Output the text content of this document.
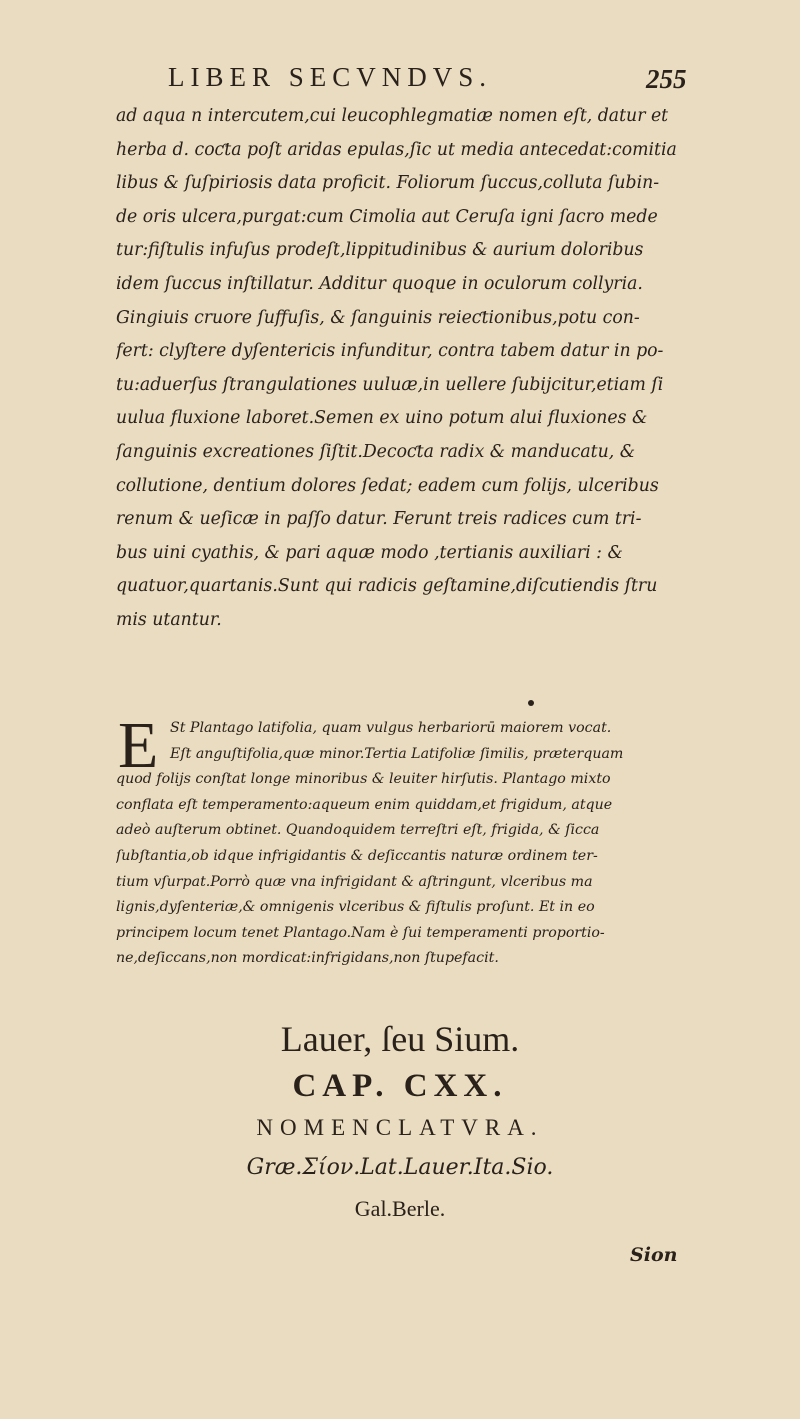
LIBER SECVNDVS.	255
ad aqua n intercutem,cui leucophlegmatiæ nomen eſt, datur et
herba d. coƈta poſt aridas epulas,ſic ut media antecedat:comitia
libus & ſuſpiriosis data proficit. Foliorum ſuccus,colluta ſubin-
de oris ulcera,purgat:cum Cimolia aut Ceruſa igni ſacro mede
tur:fiſtulis infuſus prodeſt,lippitudinibus & aurium doloribus
idem ſuccus inſtillatur. Additur quoque in oculorum collyria.
Gingiuis cruore ſuffuſis, & ſanguinis reieƈtionibus,potu con-
fert: clyſtere dyſentericis infunditur, contra tabem datur in po-
tu:aduerſus ſtrangulationes uuluæ,in uellere ſubijcitur,etiam ſi
uulua fluxione laboret.Semen ex uino potum alui fluxiones &
ſanguinis excreationes ſiſtit.Decoƈta radix & manducatu, &
collutione, dentium dolores ſedat; eadem cum folijs, ulceribus
renum & ueſicæ in paſſo datur. Ferunt treis radices cum tri-
bus uini cyathis, & pari aquæ modo ,tertianis auxiliari : &
quatuor,quartanis.Sunt qui radicis geſtamine,diſcutiendis ſtru
mis utantur.
E St Plantago latifolia, quam vulgus herbariorū maiorem vocat.
Eſt anguſtifolia,quæ minor.Tertia Latifoliæ ſimilis, præterquam
quod folijs conſtat longe minoribus & leuiter hirſutis. Plantago mixto
conflata eſt temperamento:aqueum enim quiddam,et frigidum, atque
adeò auſterum obtinet. Quandoquidem terreſtri eſt, frigida, & ſicca
ſubſtantia,ob idque infrigidantis & deſiccantis naturæ ordinem ter-
tium vſurpat.Porrò quæ vna infrigidant & aſtringunt, vlceribus ma
lignis,dyſenteriæ,& omnigenis vlceribus & fiſtulis proſunt. Et in eo
principem locum tenet Plantago.Nam è ſui temperamenti proportio-
ne,deſiccans,non mordicat:infrigidans,non ſtupefacit.
Lauer, ſeu Sium.
CAP. CXX.
NOMENCLATVRA.
Græ.Σίον.Lat.Lauer.Ita.Sio.
Gal.Berle.
Sion
